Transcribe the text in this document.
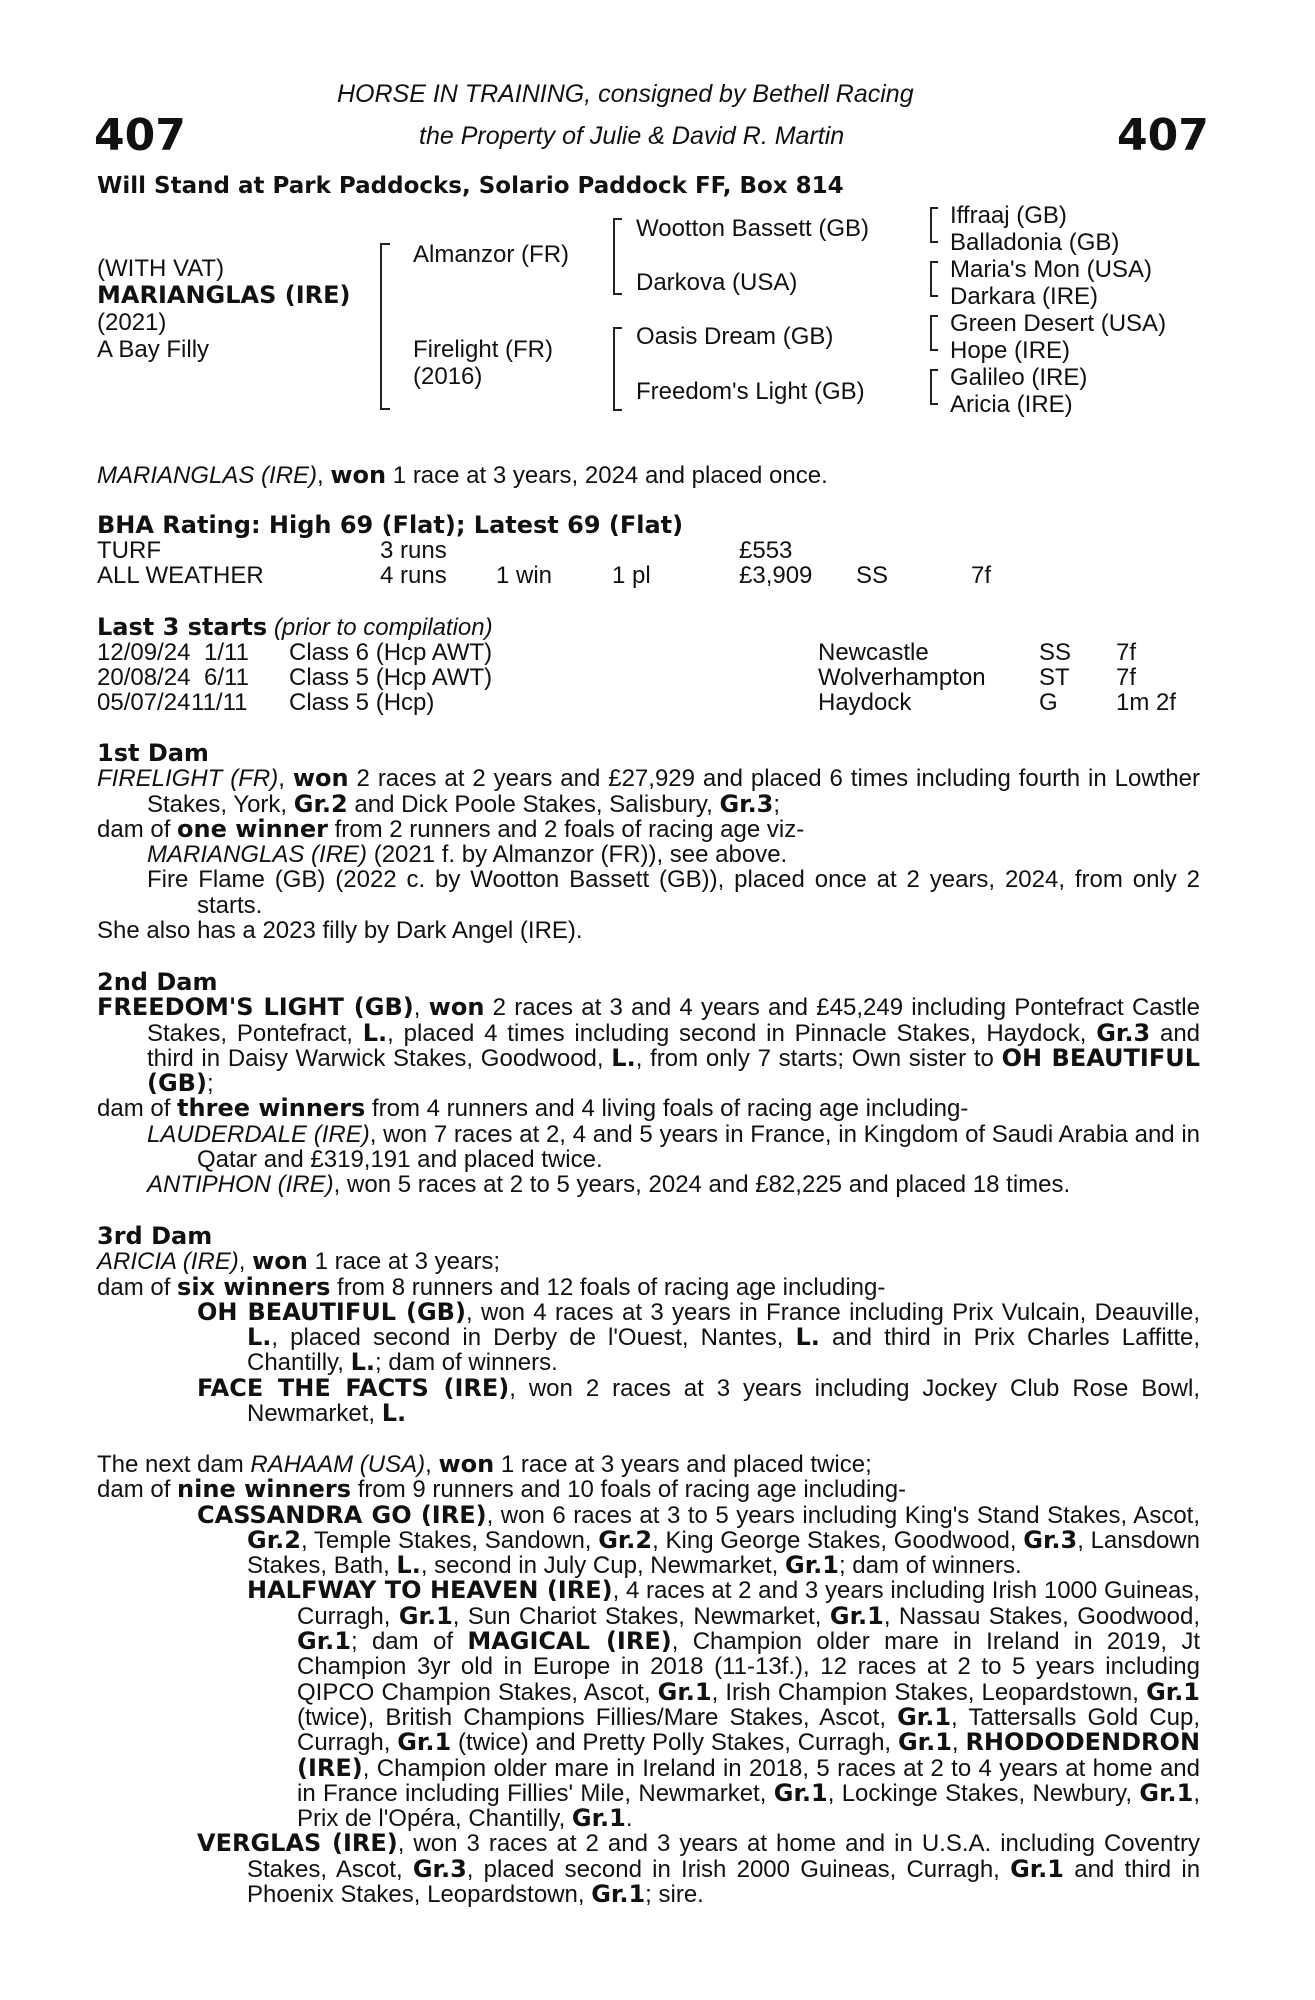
407	407
HORSE IN TRAINING, consigned by Bethell Racing
the Property of Julie & David R. Martin
Will Stand at Park Paddocks, Solario Paddock FF, Box 814
(WITH VAT)
MARIANGLAS (IRE)
(2021)
A Bay Filly
Almanzor (FR)
Firelight (FR)
(2016)
Wootton Bassett (GB)
Darkova (USA)
Oasis Dream (GB)
Freedom's Light (GB)
Iffraaj (GB)
Balladonia (GB)
Maria's Mon (USA)
Darkara (IRE)
Green Desert (USA)
Hope (IRE)
Galileo (IRE)
Aricia (IRE)
MARIANGLAS (IRE), won 1 race at 3 years, 2024 and placed once.
BHA Rating: High 69 (Flat); Latest 69 (Flat)
TURF	3 runs	£553
ALL WEATHER	4 runs 1 win 1 pl	£3,909 SS	7f
Last 3 starts (prior to compilation)
12/09/24 1/11 Class 6 (Hcp AWT)	Newcastle	SS 7f
20/08/24 6/11 Class 5 (Hcp AWT)	Wolverhampton ST 7f
05/07/24 11/11 Class 5 (Hcp)	Haydock	G 1m 2f

1st Dam

FIRELIGHT (FR), won 2 races at 2 years and £27,929 and placed 6 times including fourth in Lowther Stakes, York, Gr.2 and Dick Poole Stakes, Salisbury, Gr.3;

dam of one winner from 2 runners and 2 foals of racing age viz-

MARIANGLAS (IRE) (2021 f. by Almanzor (FR)), see above.

Fire Flame (GB) (2022 c. by Wootton Bassett (GB)), placed once at 2 years, 2024, from only 2 starts.

She also has a 2023 filly by Dark Angel (IRE).

2nd Dam

FREEDOM'S LIGHT (GB), won 2 races at 3 and 4 years and £45,249 including Pontefract Castle Stakes, Pontefract, L., placed 4 times including second in Pinnacle Stakes, Haydock, Gr.3 and third in Daisy Warwick Stakes, Goodwood, L., from only 7 starts; Own sister to OH BEAUTIFUL (GB);

dam of three winners from 4 runners and 4 living foals of racing age including-

LAUDERDALE (IRE), won 7 races at 2, 4 and 5 years in France, in Kingdom of Saudi Arabia and in Qatar and £319,191 and placed twice.

ANTIPHON (IRE), won 5 races at 2 to 5 years, 2024 and £82,225 and placed 18 times.

3rd Dam

ARICIA (IRE), won 1 race at 3 years;

dam of six winners from 8 runners and 12 foals of racing age including-

OH BEAUTIFUL (GB), won 4 races at 3 years in France including Prix Vulcain, Deauville, L., placed second in Derby de l'Ouest, Nantes, L. and third in Prix Charles Laffitte, Chantilly, L.; dam of winners.

FACE THE FACTS (IRE), won 2 races at 3 years including Jockey Club Rose Bowl, Newmarket, L.

The next dam RAHAAM (USA), won 1 race at 3 years and placed twice;

dam of nine winners from 9 runners and 10 foals of racing age including-

CASSANDRA GO (IRE), won 6 races at 3 to 5 years including King's Stand Stakes, Ascot, Gr.2, Temple Stakes, Sandown, Gr.2, King George Stakes, Goodwood, Gr.3, Lansdown Stakes, Bath, L., second in July Cup, Newmarket, Gr.1; dam of winners.

HALFWAY TO HEAVEN (IRE), 4 races at 2 and 3 years including Irish 1000 Guineas, Curragh, Gr.1, Sun Chariot Stakes, Newmarket, Gr.1, Nassau Stakes, Goodwood, Gr.1; dam of MAGICAL (IRE), Champion older mare in Ireland in 2019, Jt Champion 3yr old in Europe in 2018 (11-13f.), 12 races at 2 to 5 years including QIPCO Champion Stakes, Ascot, Gr.1, Irish Champion Stakes, Leopardstown, Gr.1 (twice), British Champions Fillies/Mare Stakes, Ascot, Gr.1, Tattersalls Gold Cup, Curragh, Gr.1 (twice) and Pretty Polly Stakes, Curragh, Gr.1, RHODODENDRON (IRE), Champion older mare in Ireland in 2018, 5 races at 2 to 4 years at home and in France including Fillies' Mile, Newmarket, Gr.1, Lockinge Stakes, Newbury, Gr.1, Prix de l'Opéra, Chantilly, Gr.1.

VERGLAS (IRE), won 3 races at 2 and 3 years at home and in U.S.A. including Coventry Stakes, Ascot, Gr.3, placed second in Irish 2000 Guineas, Curragh, Gr.1 and third in Phoenix Stakes, Leopardstown, Gr.1; sire.
